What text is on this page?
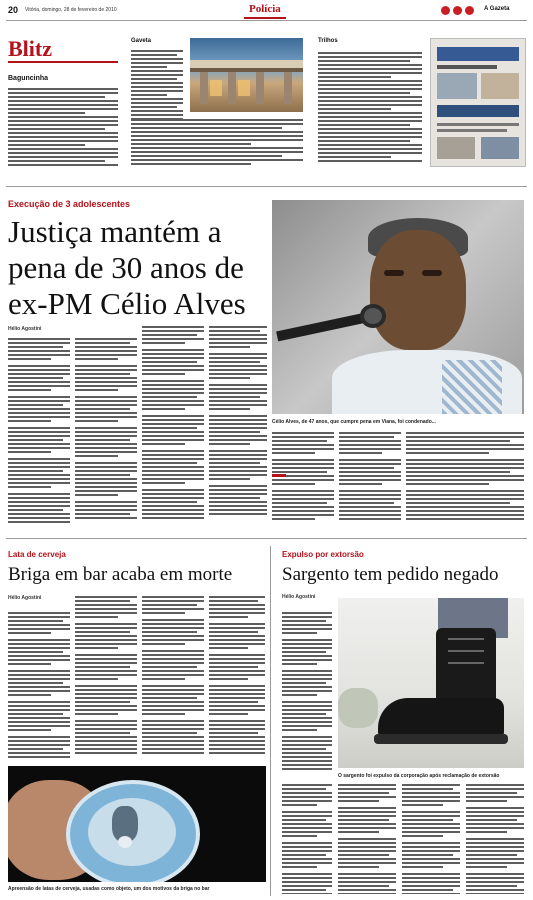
20 Vitória, domingo, 28 de fevereiro de 2010	Polícia	A Gazeta
Blitz
Baguncinha
Gaveta	Trilhos
Execução de 3 adolescentes
Justiça mantém a
pena de 30 anos de
ex-PM Célio Alves
Hélio Agostini
Célio Alves, de 47 anos, que cumpre pena em Viana, foi condenado...
Lata de cerveja
Briga em bar acaba em morte
Hélio Agostini
Apreensão de latas de cerveja, usadas como objeto, um dos motivos da briga no bar
Expulso por extorsão
Sargento tem pedido negado
Hélio Agostini
O sargento foi expulso da corporação após reclamação de extorsão
